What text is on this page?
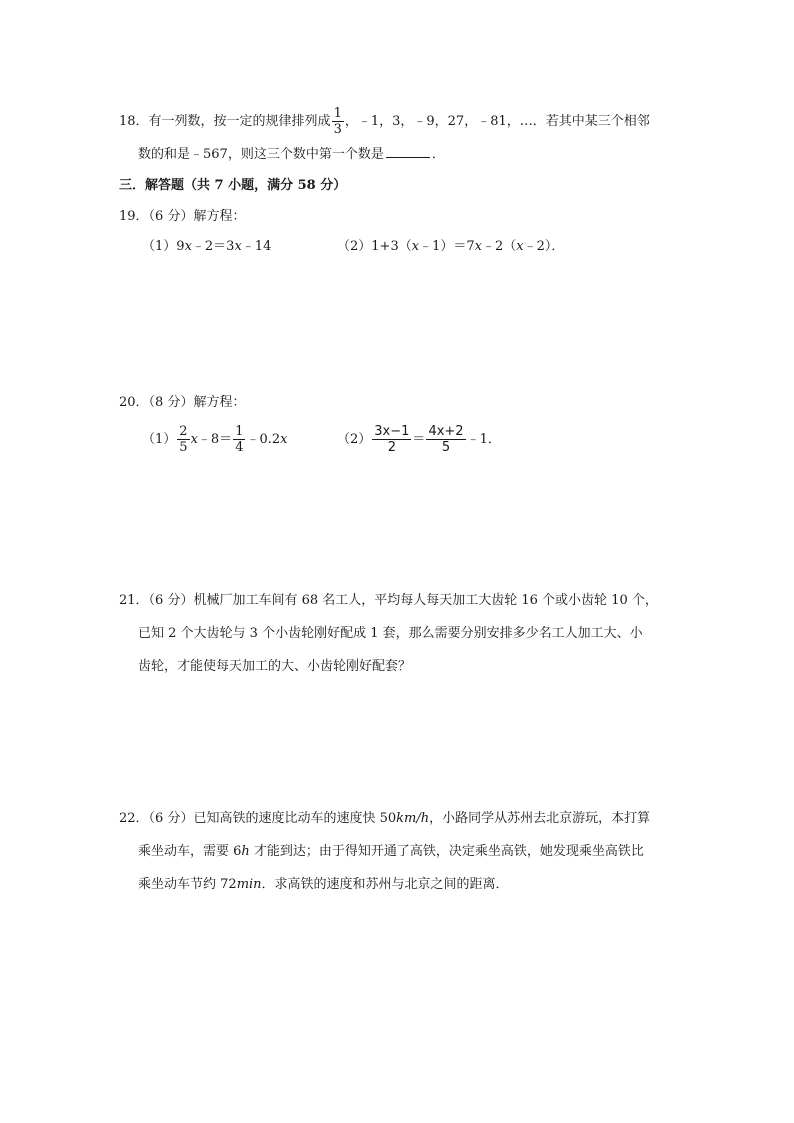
18．有一列数，按一定的规律排列成 $\frac{1}{3}$ ，﹣1，3，﹣9，27，﹣81，…．若其中某三个相邻
数的和是﹣567，则这三个数中第一个数是	．
三．解答题（共 7 小题，满分 58 分）
19．（6 分）解方程：
（1）9x﹣2＝3x﹣14	（2）1+3（x﹣1）＝7x﹣2（x﹣2）．
20．（8 分）解方程：
$(1) \frac{2}{5}$ x﹣8＝ $\frac{1}{4}$ ﹣0.2x	$(2) \frac{3x-1}{2} = \frac{4x+2}{5}$ ﹣1．
21．（6 分）机械厂加工车间有 68 名工人，平均每人每天加工大齿轮 16 个或小齿轮 10 个，
已知 2 个大齿轮与 3 个小齿轮刚好配成 1 套，那么需要分别安排多少名工人加工大、小
齿轮，才能使每天加工的大、小齿轮刚好配套？
22．（6 分）已知高铁的速度比动车的速度快 50km/h，小路同学从苏州去北京游玩，本打算
乘坐动车，需要 6h 才能到达；由于得知开通了高铁，决定乘坐高铁，她发现乘坐高铁比
乘坐动车节约 72min．求高铁的速度和苏州与北京之间的距离．
